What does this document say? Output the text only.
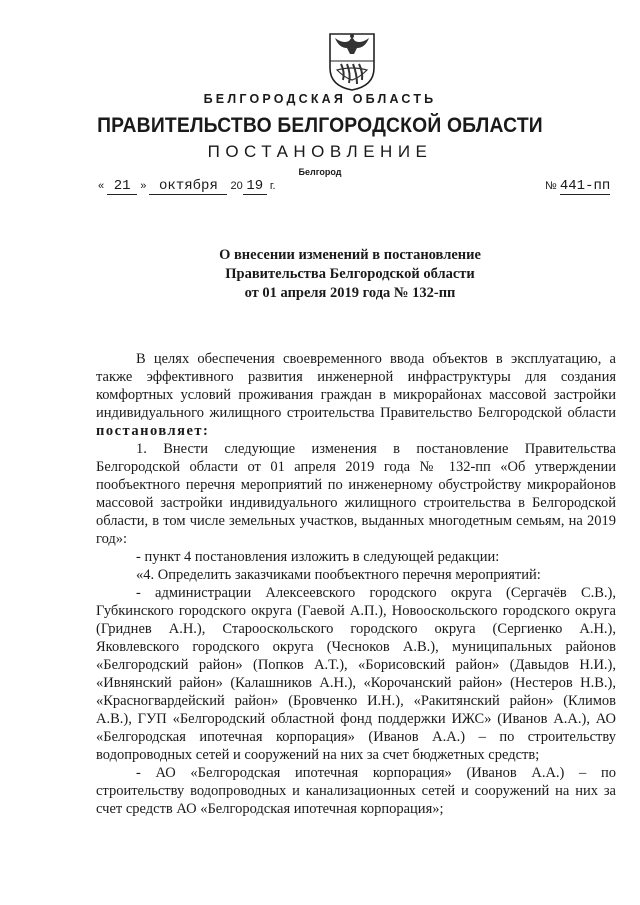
БЕЛГОРОДСКАЯ ОБЛАСТЬ
ПРАВИТЕЛЬСТВО БЕЛГОРОДСКОЙ ОБЛАСТИ
ПОСТАНОВЛЕНИЕ
Белгород
« 21 » октября 20 19 г.	№ 441-пп
О внесении изменений в постановление
Правительства Белгородской области
от 01 апреля 2019 года № 132-пп

В целях обеспечения своевременного ввода объектов в эксплуатацию, а также эффективного развития инженерной инфраструктуры для создания комфортных условий проживания граждан в микрорайонах массовой застройки индивидуального жилищного строительства Правительство Белгородской области постановляет:

1. Внести следующие изменения в постановление Правительства Белгородской области от 01 апреля 2019 года № 132-пп «Об утверждении пообъектного перечня мероприятий по инженерному обустройству микрорайонов массовой застройки индивидуального жилищного строительства в Белгородской области, в том числе земельных участков, выданных многодетным семьям, на 2019 год»:

- пункт 4 постановления изложить в следующей редакции:

«4. Определить заказчиками пообъектного перечня мероприятий:

- администрации Алексеевского городского округа (Сергачёв С.В.), Губкинского городского округа (Гаевой А.П.), Новооскольского городского округа (Гриднев А.Н.), Старооскольского городского округа (Сергиенко А.Н.), Яковлевского городского округа (Чесноков А.В.), муниципальных районов «Белгородский район» (Попков А.Т.), «Борисовский район» (Давыдов Н.И.), «Ивнянский район» (Калашников А.Н.), «Корочанский район» (Нестеров Н.В.), «Красногвардейский район» (Бровченко И.Н.), «Ракитянский район» (Климов А.В.), ГУП «Белгородский областной фонд поддержки ИЖС» (Иванов А.А.), АО «Белгородская ипотечная корпорация» (Иванов А.А.) – по строительству водопроводных сетей и сооружений на них за счет бюджетных средств;

- АО «Белгородская ипотечная корпорация» (Иванов А.А.) – по строительству водопроводных и канализационных сетей и сооружений на них за счет средств АО «Белгородская ипотечная корпорация»;
